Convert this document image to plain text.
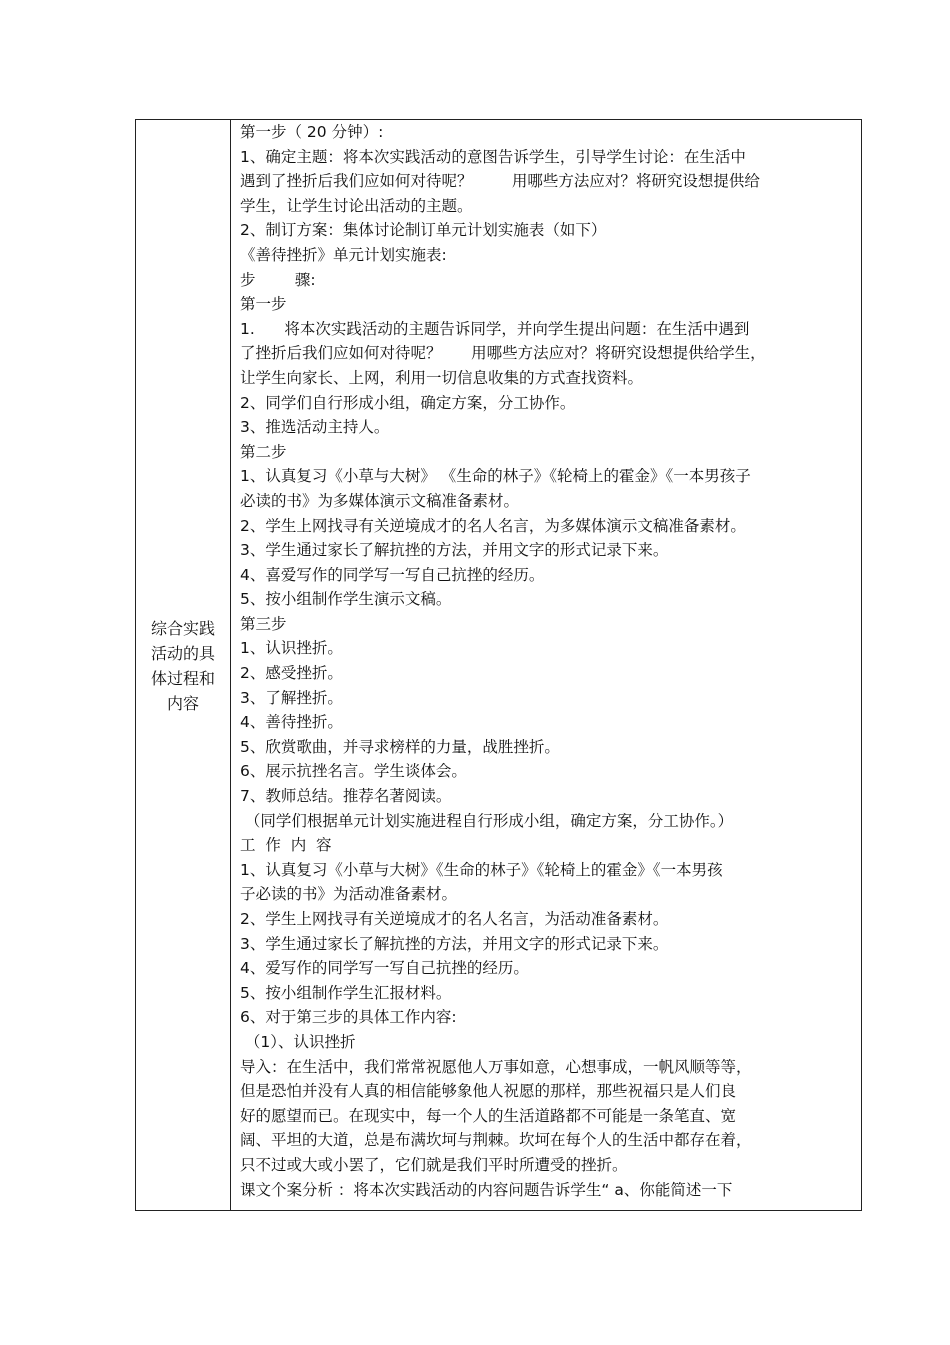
综合实践
活动的具
体过程和
内容
第一步（ 20 分钟）:
1、确定主题：将本次实践活动的意图告诉学生，引导学生讨论：在生活中
遇到了挫折后我们应如何对待呢？        用哪些方法应对？将研究设想提供给
学生，让学生讨论出活动的主题。
2、制订方案：集体讨论制订单元计划实施表（如下）
《善待挫折》单元计划实施表:
步        骤:
第一步
1.      将本次实践活动的主题告诉同学，并向学生提出问题：在生活中遇到
了挫折后我们应如何对待呢？      用哪些方法应对？将研究设想提供给学生，
让学生向家长、上网，利用一切信息收集的方式查找资料。
2、同学们自行形成小组，确定方案，分工协作。
3、推选活动主持人。
第二步
1、认真复习《小草与大树》 《生命的林子》《轮椅上的霍金》《一本男孩子
必读的书》为多媒体演示文稿准备素材。
2、学生上网找寻有关逆境成才的名人名言，为多媒体演示文稿准备素材。
3、学生通过家长了解抗挫的方法，并用文字的形式记录下来。
4、喜爱写作的同学写一写自己抗挫的经历。
5、按小组制作学生演示文稿。
第三步
1、认识挫折。
2、感受挫折。
3、了解挫折。
4、善待挫折。
5、欣赏歌曲，并寻求榜样的力量，战胜挫折。
6、展示抗挫名言。学生谈体会。
7、教师总结。推荐名著阅读。
（同学们根据单元计划实施进程自行形成小组，确定方案，分工协作。）
工  作  内  容
1、认真复习《小草与大树》《生命的林子》《轮椅上的霍金》《一本男孩
子必读的书》为活动准备素材。
2、学生上网找寻有关逆境成才的名人名言，为活动准备素材。
3、学生通过家长了解抗挫的方法，并用文字的形式记录下来。
4、爱写作的同学写一写自己抗挫的经历。
5、按小组制作学生汇报材料。
6、对于第三步的具体工作内容:
（1）、认识挫折
导入：在生活中，我们常常祝愿他人万事如意，心想事成，一帆风顺等等，
但是恐怕并没有人真的相信能够象他人祝愿的那样，那些祝福只是人们良
好的愿望而已。在现实中，每一个人的生活道路都不可能是一条笔直、宽
阔、平坦的大道，总是布满坎坷与荆棘。坎坷在每个人的生活中都存在着，
只不过或大或小罢了，它们就是我们平时所遭受的挫折。
课文个案分析 ：将本次实践活动的内容问题告诉学生“ a、你能简述一下
